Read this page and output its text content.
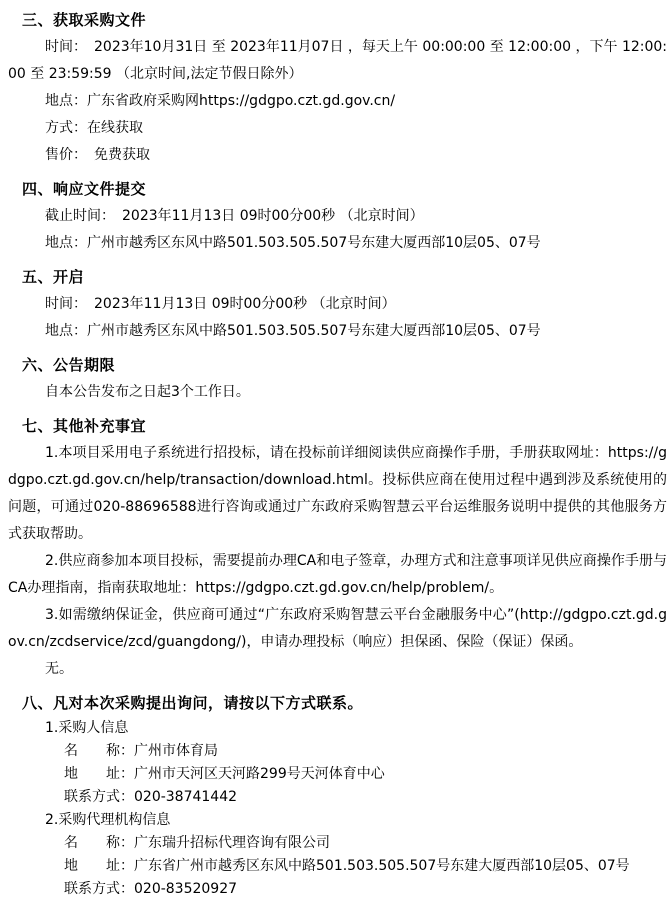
三、获取采购文件

时间：　2023年10月31日 至 2023年11月07日 ，每天上午 00:00:00 至 12:00:00 ，下午 12:00:00 至 23:59:59 （北京时间,法定节假日除外）

地点：广东省政府采购网https://gdgpo.czt.gd.gov.cn/

方式：在线获取

售价：　免费获取

四、响应文件提交

截止时间：　2023年11月13日 09时00分00秒 （北京时间）

地点：广州市越秀区东风中路501.503.505.507号东建大厦西部10层05、07号

五、开启

时间：　2023年11月13日 09时00分00秒 （北京时间）

地点：广州市越秀区东风中路501.503.505.507号东建大厦西部10层05、07号

六、公告期限

自本公告发布之日起3个工作日。

七、其他补充事宜

1.本项目采用电子系统进行招投标，请在投标前详细阅读供应商操作手册，手册获取网址：https://gdgpo.czt.gd.gov.cn/help/transaction/download.html。投标供应商在使用过程中遇到涉及系统使用的问题，可通过020-88696588进行咨询或通过广东政府采购智慧云平台运维服务说明中提供的其他服务方式获取帮助。

2.供应商参加本项目投标，需要提前办理CA和电子签章，办理方式和注意事项详见供应商操作手册与CA办理指南，指南获取地址：https://gdgpo.czt.gd.gov.cn/help/problem/。

3.如需缴纳保证金，供应商可通过“广东政府采购智慧云平台金融服务中心”(http://gdgpo.czt.gd.gov.cn/zcdservice/zcd/guangdong/)，申请办理投标（响应）担保函、保险（保证）保函。

无。

八、凡对本次采购提出询问，请按以下方式联系。

1.采购人信息

名　　称：广州市体育局

地　　址：广州市天河区天河路299号天河体育中心

联系方式：020-38741442

2.采购代理机构信息

名　　称：广东瑞升招标代理咨询有限公司

地　　址：广东省广州市越秀区东风中路501.503.505.507号东建大厦西部10层05、07号

联系方式：020-83520927
